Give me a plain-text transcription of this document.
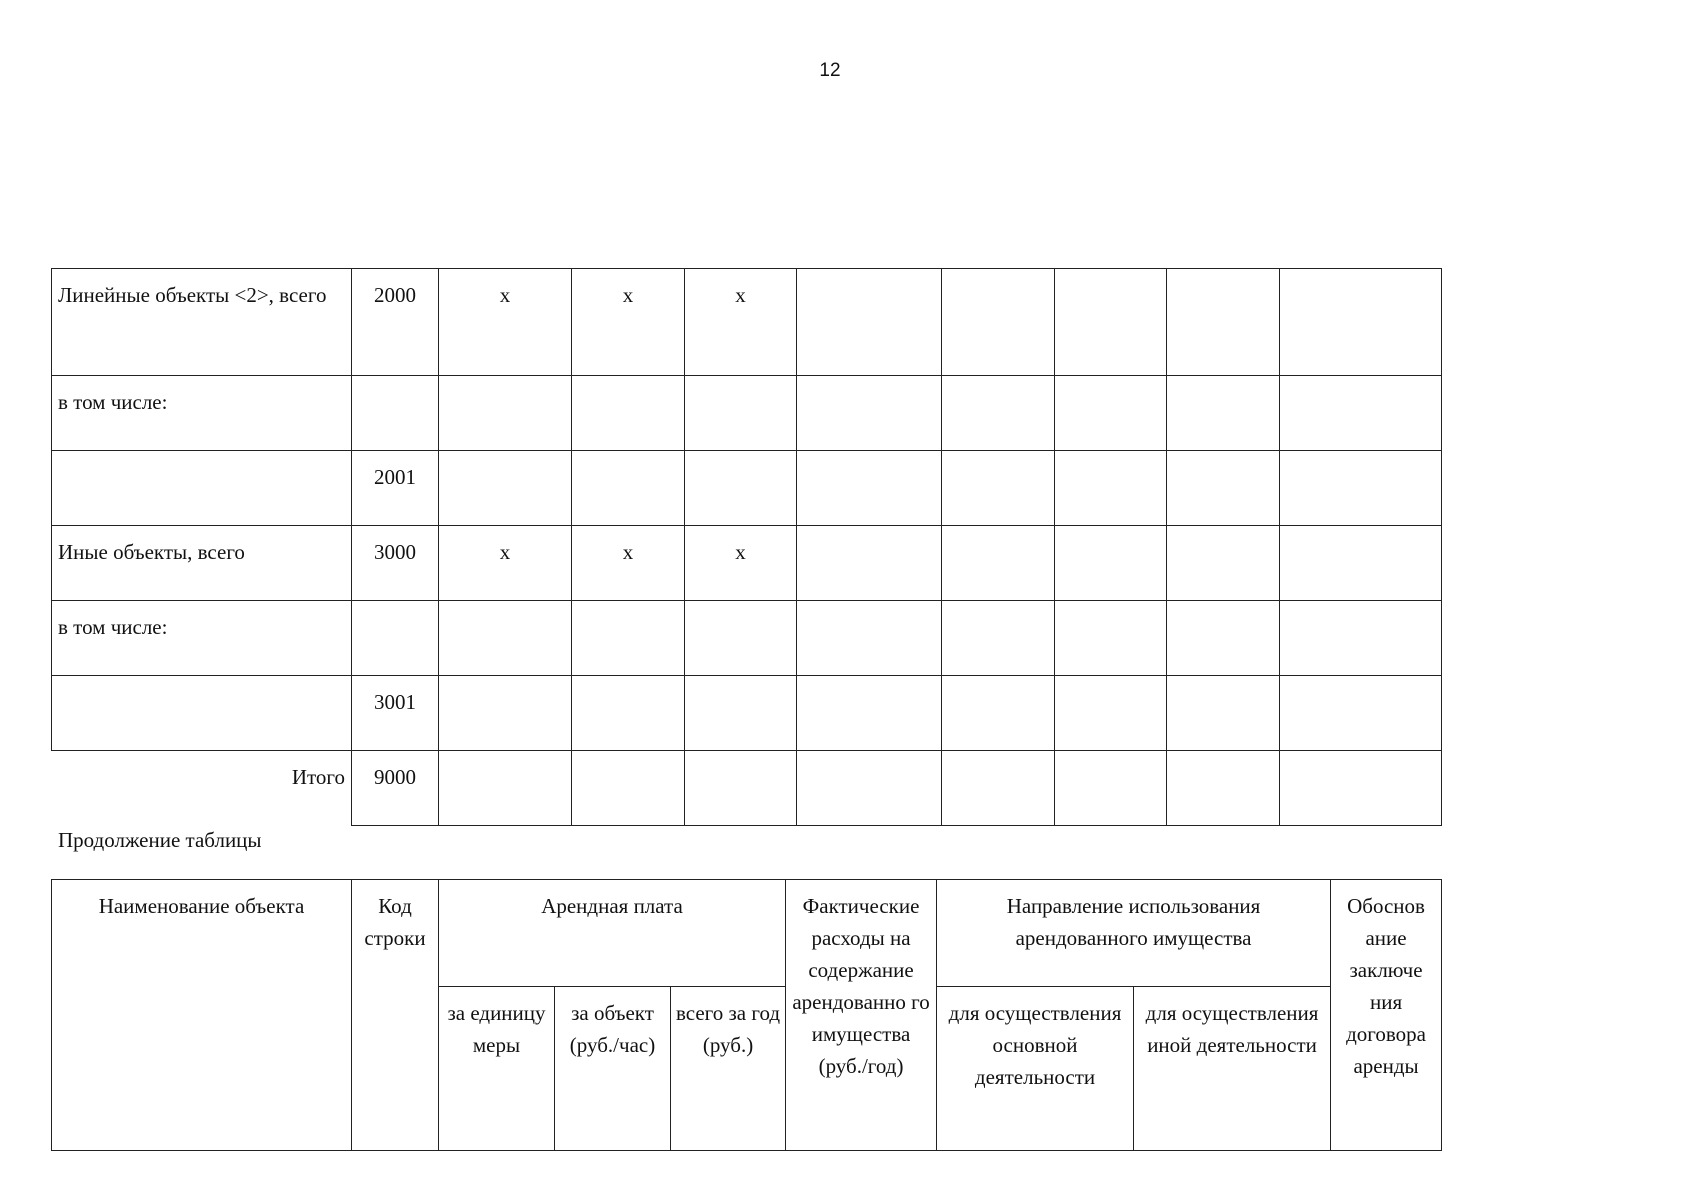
12
Линейные объекты <2>, всего	2000	x	x	x					
в том числе:									
	2001								
Иные объекты, всего	3000	x	x	x					
в том числе:									
	3001								
Итого	9000								
Продолжение таблицы
Наименование объекта	Код строки	Арендная плата			Фактические расходы на содержание арендованно го имущества (руб./год)	Направление использования арендованного имущества		Обоснов ание заключе ния договора аренды
		за единицу меры	за объект (руб./час)	всего за год (руб.)		для осуществления основной деятельности	для осуществления иной деятельности	
